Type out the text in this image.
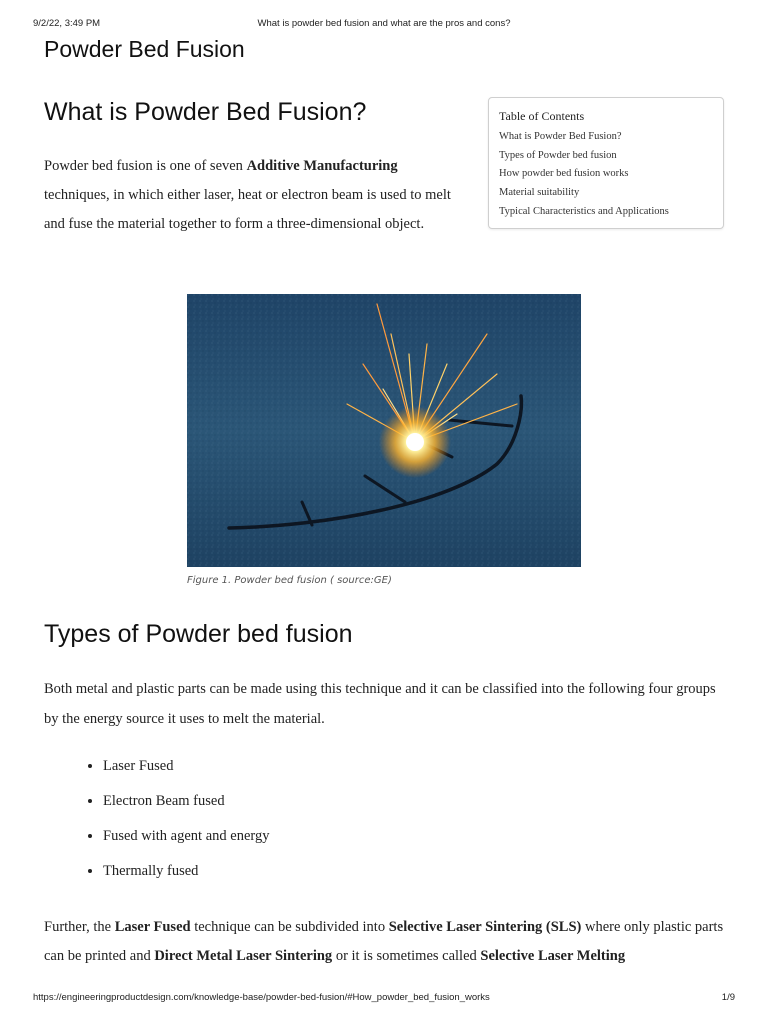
9/2/22, 3:49 PM	What is powder bed fusion and what are the pros and cons?
Powder Bed Fusion
What is Powder Bed Fusion?

Powder bed fusion is one of seven Additive Manufacturing techniques, in which either laser, heat or electron beam is used to melt and fuse the material together to form a three-dimensional object.

Table of Contents
What is Powder Bed Fusion?
Types of Powder bed fusion
How powder bed fusion works
Material suitability
Typical Characteristics and Applications
Figure 1. Powder bed fusion ( source:GE)
Types of Powder bed fusion

Both metal and plastic parts can be made using this technique and it can be classified into the following four groups by the energy source it uses to melt the material.

Laser Fused
Electron Beam fused
Fused with agent and energy
Thermally fused

Further, the Laser Fused technique can be subdivided into Selective Laser Sintering (SLS) where only plastic parts can be printed and Direct Metal Laser Sintering or it is sometimes called Selective Laser Melting

https://engineeringproductdesign.com/knowledge-base/powder-bed-fusion/#How_powder_bed_fusion_works	1/9
